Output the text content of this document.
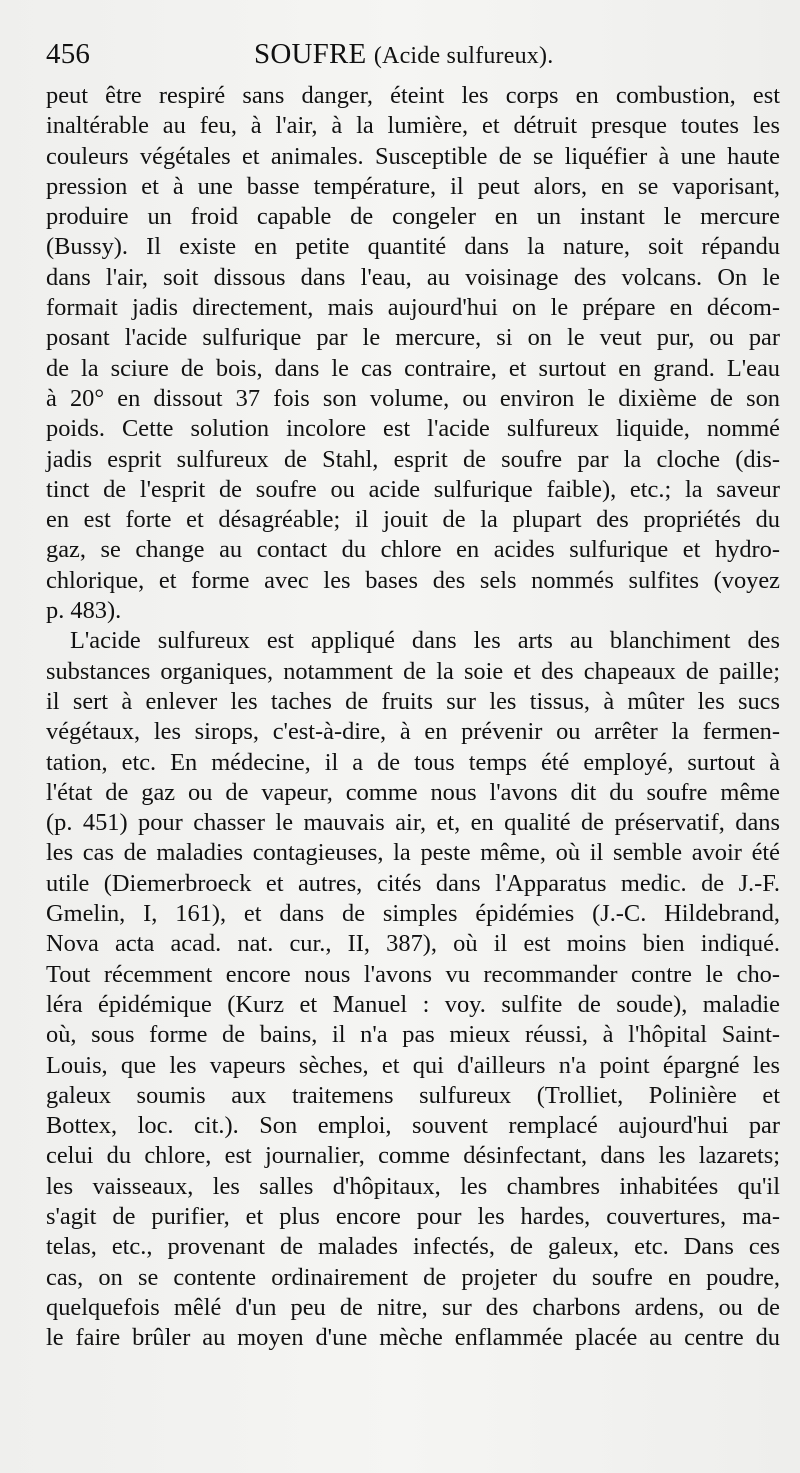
456	SOUFRE (Acide sulfureux).
peut être respiré sans danger, éteint les corps en combustion, est
inaltérable au feu, à l'air, à la lumière, et détruit presque toutes les
couleurs végétales et animales. Susceptible de se liquéfier à une haute
pression et à une basse température, il peut alors, en se vaporisant,
produire un froid capable de congeler en un instant le mercure
(Bussy). Il existe en petite quantité dans la nature, soit répandu
dans l'air, soit dissous dans l'eau, au voisinage des volcans. On le
formait jadis directement, mais aujourd'hui on le prépare en décom-
posant l'acide sulfurique par le mercure, si on le veut pur, ou par
de la sciure de bois, dans le cas contraire, et surtout en grand. L'eau
à 20° en dissout 37 fois son volume, ou environ le dixième de son
poids. Cette solution incolore est l'acide sulfureux liquide, nommé
jadis esprit sulfureux de Stahl, esprit de soufre par la cloche (dis-
tinct de l'esprit de soufre ou acide sulfurique faible), etc.; la saveur
en est forte et désagréable; il jouit de la plupart des propriétés du
gaz, se change au contact du chlore en acides sulfurique et hydro-
chlorique, et forme avec les bases des sels nommés sulfites (voyez
p. 483).
L'acide sulfureux est appliqué dans les arts au blanchiment des
substances organiques, notamment de la soie et des chapeaux de paille;
il sert à enlever les taches de fruits sur les tissus, à mûter les sucs
végétaux, les sirops, c'est-à-dire, à en prévenir ou arrêter la fermen-
tation, etc. En médecine, il a de tous temps été employé, surtout à
l'état de gaz ou de vapeur, comme nous l'avons dit du soufre même
(p. 451) pour chasser le mauvais air, et, en qualité de préservatif, dans
les cas de maladies contagieuses, la peste même, où il semble avoir été
utile (Diemerbroeck et autres, cités dans l'Apparatus medic. de J.-F.
Gmelin, I, 161), et dans de simples épidémies (J.-C. Hildebrand,
Nova acta acad. nat. cur., II, 387), où il est moins bien indiqué.
Tout récemment encore nous l'avons vu recommander contre le cho-
léra épidémique (Kurz et Manuel : voy. sulfite de soude), maladie
où, sous forme de bains, il n'a pas mieux réussi, à l'hôpital Saint-
Louis, que les vapeurs sèches, et qui d'ailleurs n'a point épargné les
galeux soumis aux traitemens sulfureux (Trolliet, Polinière et
Bottex, loc. cit.). Son emploi, souvent remplacé aujourd'hui par
celui du chlore, est journalier, comme désinfectant, dans les lazarets;
les vaisseaux, les salles d'hôpitaux, les chambres inhabitées qu'il
s'agit de purifier, et plus encore pour les hardes, couvertures, ma-
telas, etc., provenant de malades infectés, de galeux, etc. Dans ces
cas, on se contente ordinairement de projeter du soufre en poudre,
quelquefois mêlé d'un peu de nitre, sur des charbons ardens, ou de
le faire brûler au moyen d'une mèche enflammée placée au centre du
